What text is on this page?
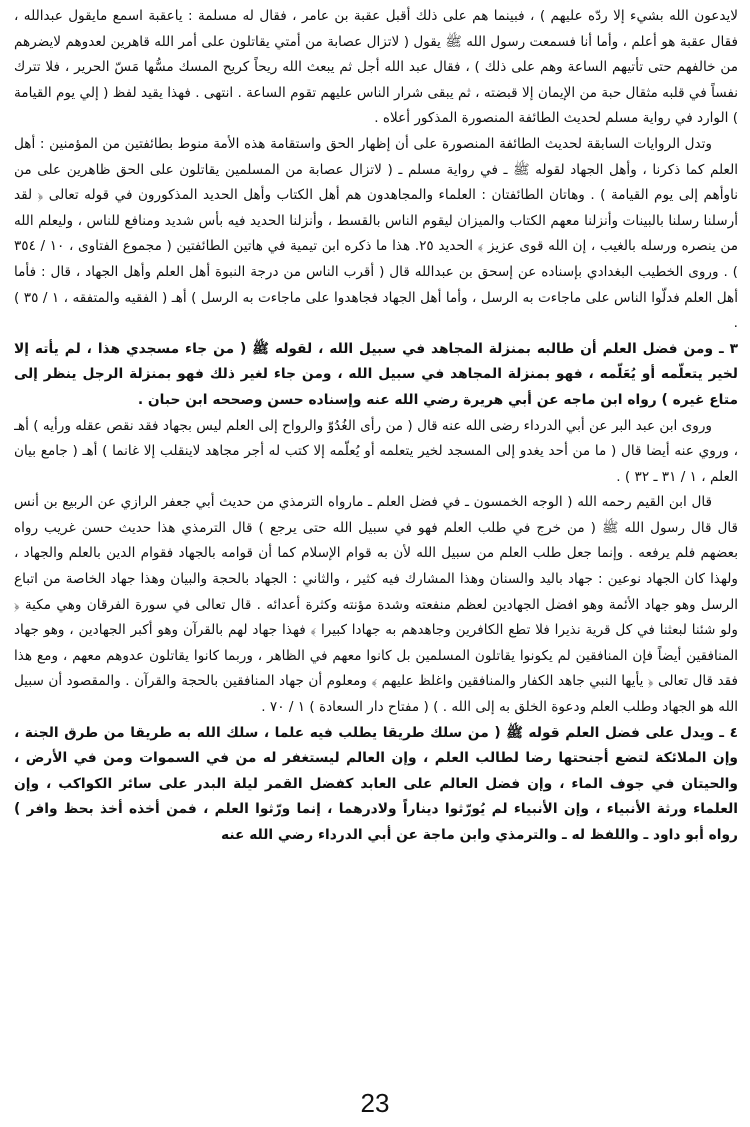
لايدعون الله بشيء إلا ردّه عليهم ) ، فبينما هم على ذلك أقبل عقبة بن عامر ، فقال له مسلمة : ياعقبة اسمع مايقول عبدالله ، فقال عقبة هو أعلم ، وأما أنا فسمعت رسول الله ﷺ يقول ( لاتزال عصابة من أمتي يقاتلون على أمر الله قاهرين لعدوهم لايضرهم من خالفهم حتى تأتيهم الساعة وهم على ذلك ) ، فقال عبد الله أجل ثم يبعث الله ريحاً كريح المسك مسُّها مَسّ الحرير ، فلا تترك نفساً في قلبه مثقال حبة من الإيمان إلا قبضته ، ثم يبقى شرار الناس عليهم تقوم الساعة . انتهى . فهذا يقيد لفظ ( إلي يوم القيامة ) الوارد في رواية مسلم لحديث الطائفة المنصورة المذكور أعلاه .

وتدل الروايات السابقة لحديث الطائفة المنصورة على أن إظهار الحق واستقامة هذه الأمة منوط بطائفتين من المؤمنين : أهل العلم كما ذكرنا ، وأهل الجهاد لقوله ﷺ ـ في رواية مسلم ـ ( لاتزال عصابة من المسلمين يقاتلون على الحق ظاهرين على من ناوأهم إلى يوم القيامة ) . وهاتان الطائفتان : العلماء والمجاهدون هم أهل الكتاب وأهل الحديد المذكورون في قوله تعالى ﴿ لقد أرسلنا رسلنا بالبينات وأنزلنا معهم الكتاب والميزان ليقوم الناس بالقسط ، وأنزلنا الحديد فيه بأس شديد ومنافع للناس ، وليعلم الله من ينصره ورسله بالغيب ، إن الله قوى عزيز ﴾ الحديد ٢٥. هذا ما ذكره ابن تيمية في هاتين الطائفتين ( مجموع الفتاوى ، ١٠ / ٣٥٤ ) . وروى الخطيب البغدادي بإسناده عن إسحق بن عبدالله قال ( أقرب الناس من درجة النبوة أهل العلم وأهل الجهاد ، قال : فأما أهل العلم فدلّوا الناس على ماجاءت به الرسل ، وأما أهل الجهاد فجاهدوا على ماجاءت به الرسل ) أهـ ( الفقيه والمتفقه ، ١ / ٣٥ ) .

٣ ـ ومن فضل العلم أن طالبه بمنزلة المجاهد في سبيل الله ، لقوله ﷺ ( من جاء مسجدي هذا ، لم يأته إلا لخير يتعلّمه أو يُعَلّمه ، فهو بمنزلة المجاهد في سبيل الله ، ومن جاء لغير ذلك فهو بمنزلة الرجل ينظر إلى متاع غيره ) رواه ابن ماجه عن أبي هريرة رضي الله عنه وإسناده حسن وصححه ابن حبان .

وروى ابن عبد البر عن أبي الدرداء رضى الله عنه قال ( من رأى الغُدُوّ والرواح إلى العلم ليس بجهاد فقد نقص عقله ورأيه ) أهـ ، وروي عنه أيضا قال ( ما من أحد يغدو إلى المسجد لخير يتعلمه أو يُعلّمه إلا كتب له أجر مجاهد لاينقلب إلا غانما ) أهـ ( جامع بيان العلم ، ١ / ٣١ ـ ٣٢ ) .

قال ابن القيم رحمه الله ( الوجه الخمسون ـ في فضل العلم ـ مارواه الترمذي من حديث أبي جعفر الرازي عن الربيع بن أنس قال قال رسول الله ﷺ ( من خرج في طلب العلم فهو في سبيل الله حتى يرجع ) قال الترمذي هذا حديث حسن غريب رواه بعضهم فلم يرفعه . وإنما جعل طلب العلم من سبيل الله لأن به قوام الإسلام كما أن قوامه بالجهاد فقوام الدين بالعلم والجهاد ، ولهذا كان الجهاد نوعين : جهاد باليد والسنان وهذا المشارك فيه كثير ، والثاني : الجهاد بالحجة والبيان وهذا جهاد الخاصة من اتباع الرسل وهو جهاد الأئمة وهو افضل الجهادين لعظم منفعته وشدة مؤنته وكثرة أعدائه . قال تعالى في سورة الفرقان وهي مكية ﴿ ولو شئنا لبعثنا في كل قرية نذيرا فلا تطع الكافرين وجاهدهم به جهادا كبيرا ﴾ فهذا جهاد لهم بالقرآن وهو أكبر الجهادين ، وهو جهاد المنافقين أيضاً فإن المنافقين لم يكونوا يقاتلون المسلمين بل كانوا معهم في الظاهر ، وربما كانوا يقاتلون عدوهم معهم ، ومع هذا فقد قال تعالى ﴿ يأيها النبي جاهد الكفار والمنافقين واغلظ عليهم ﴾ ومعلوم أن جهاد المنافقين بالحجة والقرآن . والمقصود أن سبيل الله هو الجهاد وطلب العلم ودعوة الخلق به إلى الله . ) ( مفتاح دار السعادة ) ١ / ٧٠ .

٤ ـ ويدل على فضل العلم قوله ﷺ ( من سلك طريقا يطلب فيه علما ، سلك الله به طريقا من طرق الجنة ، وإن الملائكة لتضع أجنحتها رضا لطالب العلم ، وإن العالم ليستغفر له من في السموات ومن في الأرض ، والحيتان في جوف الماء ، وإن فضل العالم على العابد كفضل القمر ليلة البدر على سائر الكواكب ، وإن العلماء ورثة الأنبياء ، وإن الأنبياء لم يُورّثوا ديناراً ولادرهما ، إنما ورّثوا العلم ، فمن أخذه أخذ بحظ وافر ) رواه أبو داود ـ واللفظ له ـ والترمذي وابن ماجة عن أبي الدرداء رضي الله عنه

23
